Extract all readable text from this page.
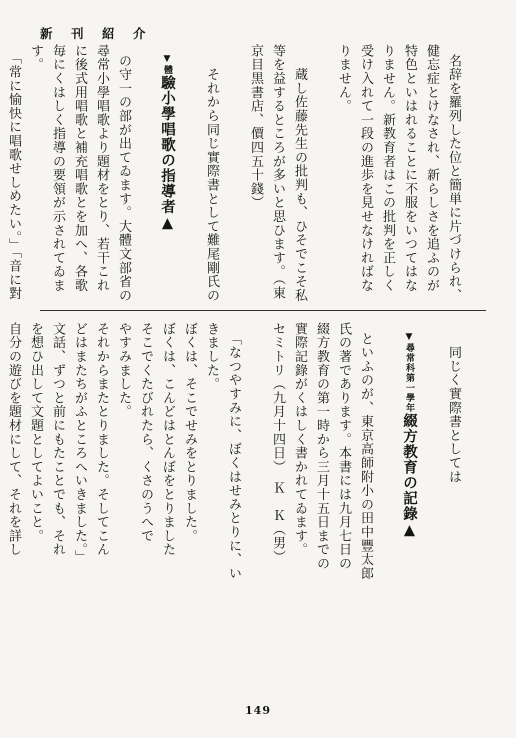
新　刊　紹　介

名辞を羅列した位と簡単に片づけられ、
健忘症とけなされ、新らしさを追ふのが
特色といはれることに不服をいつてはな
りません。新教育者はこの批判を正しく
受け入れて一段の進歩を見せなければな
りません。

　蔵し佐藤先生の批判も、ひそでこそ私
等を益するところが多いと思ひます。（東
京目黒書店、價四五十錢）

　それから同じ實際書として難尾剛氏の

▼體驗小學唱歌の指導者▲

の守一の部が出てゐます。大體文部省の
尋常小學唱歌より題材をとり、若干これ
に後式用唱歌と補充唱歌とを加へ、各歌
毎にくはしく指導の要領が示されてゐま
す。
　「常に愉快に唱歌せしめたい。」「音に對

　同じく實際書としては

▼尋常科第一學年綴方教育の記錄▲

といふのが、東京高師附小の田中豐太郎
氏の著であります。本書には九月七日の
綴方教育の第一時から三月十五日までの
實際記錄がくはしく書かれてゐます。
セミトリ（九月十四日）　Ｋ　Ｋ（男）

「なつやすみに、ぼくはせみとりに、い
きました。
ぼくは、そこでせみをとりました。
ぼくは、こんどはとんぼをとりました
そこでくたびれたら、くさのうへで
やすみました。
それからまたとりました。そしてこん
どはまたちがふところへいきました。」
文話、ずつと前にもたことでも、それ
を想ひ出して文題としてよいこと。
自分の遊びを題材にして、それを詳し

149
